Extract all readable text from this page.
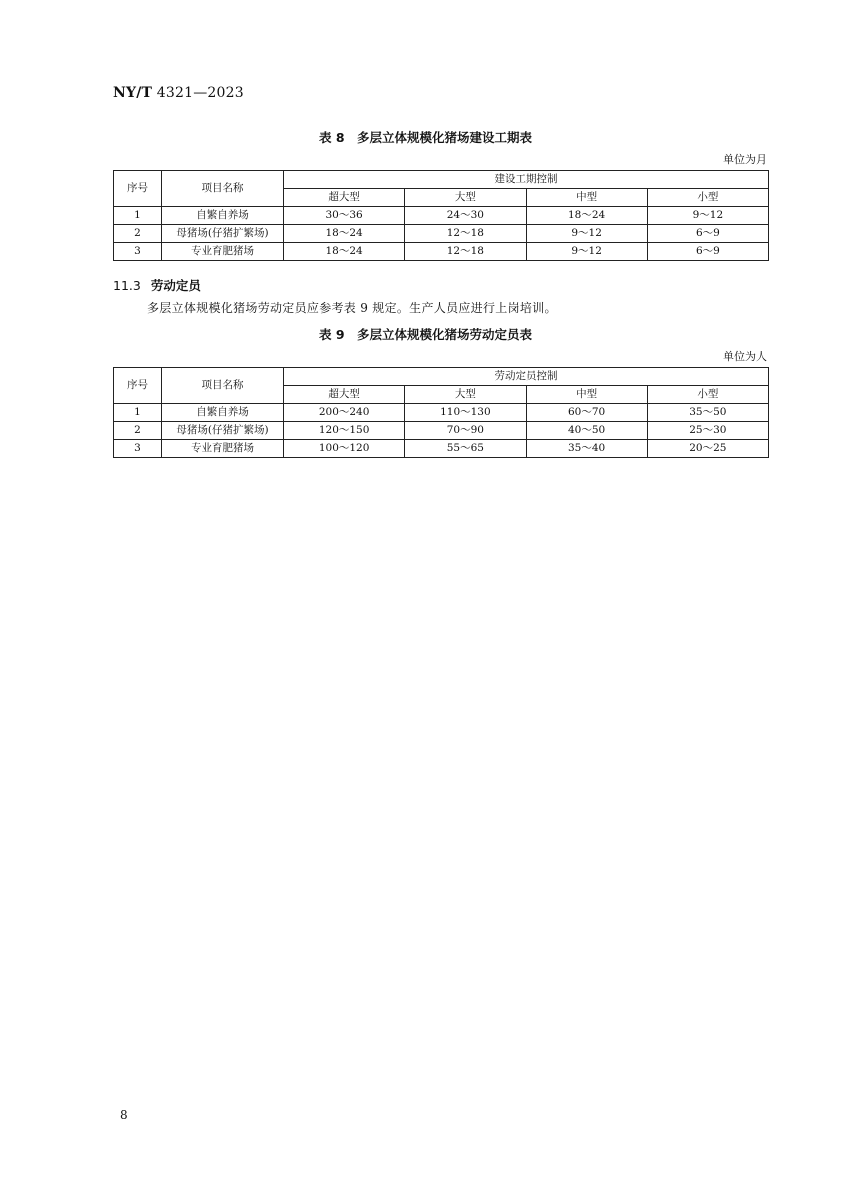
NY/T 4321—2023
表 8　多层立体规模化猪场建设工期表
单位为月
序号	项目名称	建设工期控制			
		超大型	大型	中型	小型
1	自繁自养场	30～36	24～30	18～24	9～12
2	母猪场(仔猪扩繁场)	18～24	12～18	9～12	6～9
3	专业育肥猪场	18～24	12～18	9～12	6～9
11.3 劳动定员
多层立体规模化猪场劳动定员应参考表 9 规定。生产人员应进行上岗培训。
表 9　多层立体规模化猪场劳动定员表
单位为人
序号	项目名称	劳动定员控制			
		超大型	大型	中型	小型
1	自繁自养场	200～240	110～130	60～70	35～50
2	母猪场(仔猪扩繁场)	120～150	70～90	40～50	25～30
3	专业育肥猪场	100～120	55～65	35～40	20～25
8
